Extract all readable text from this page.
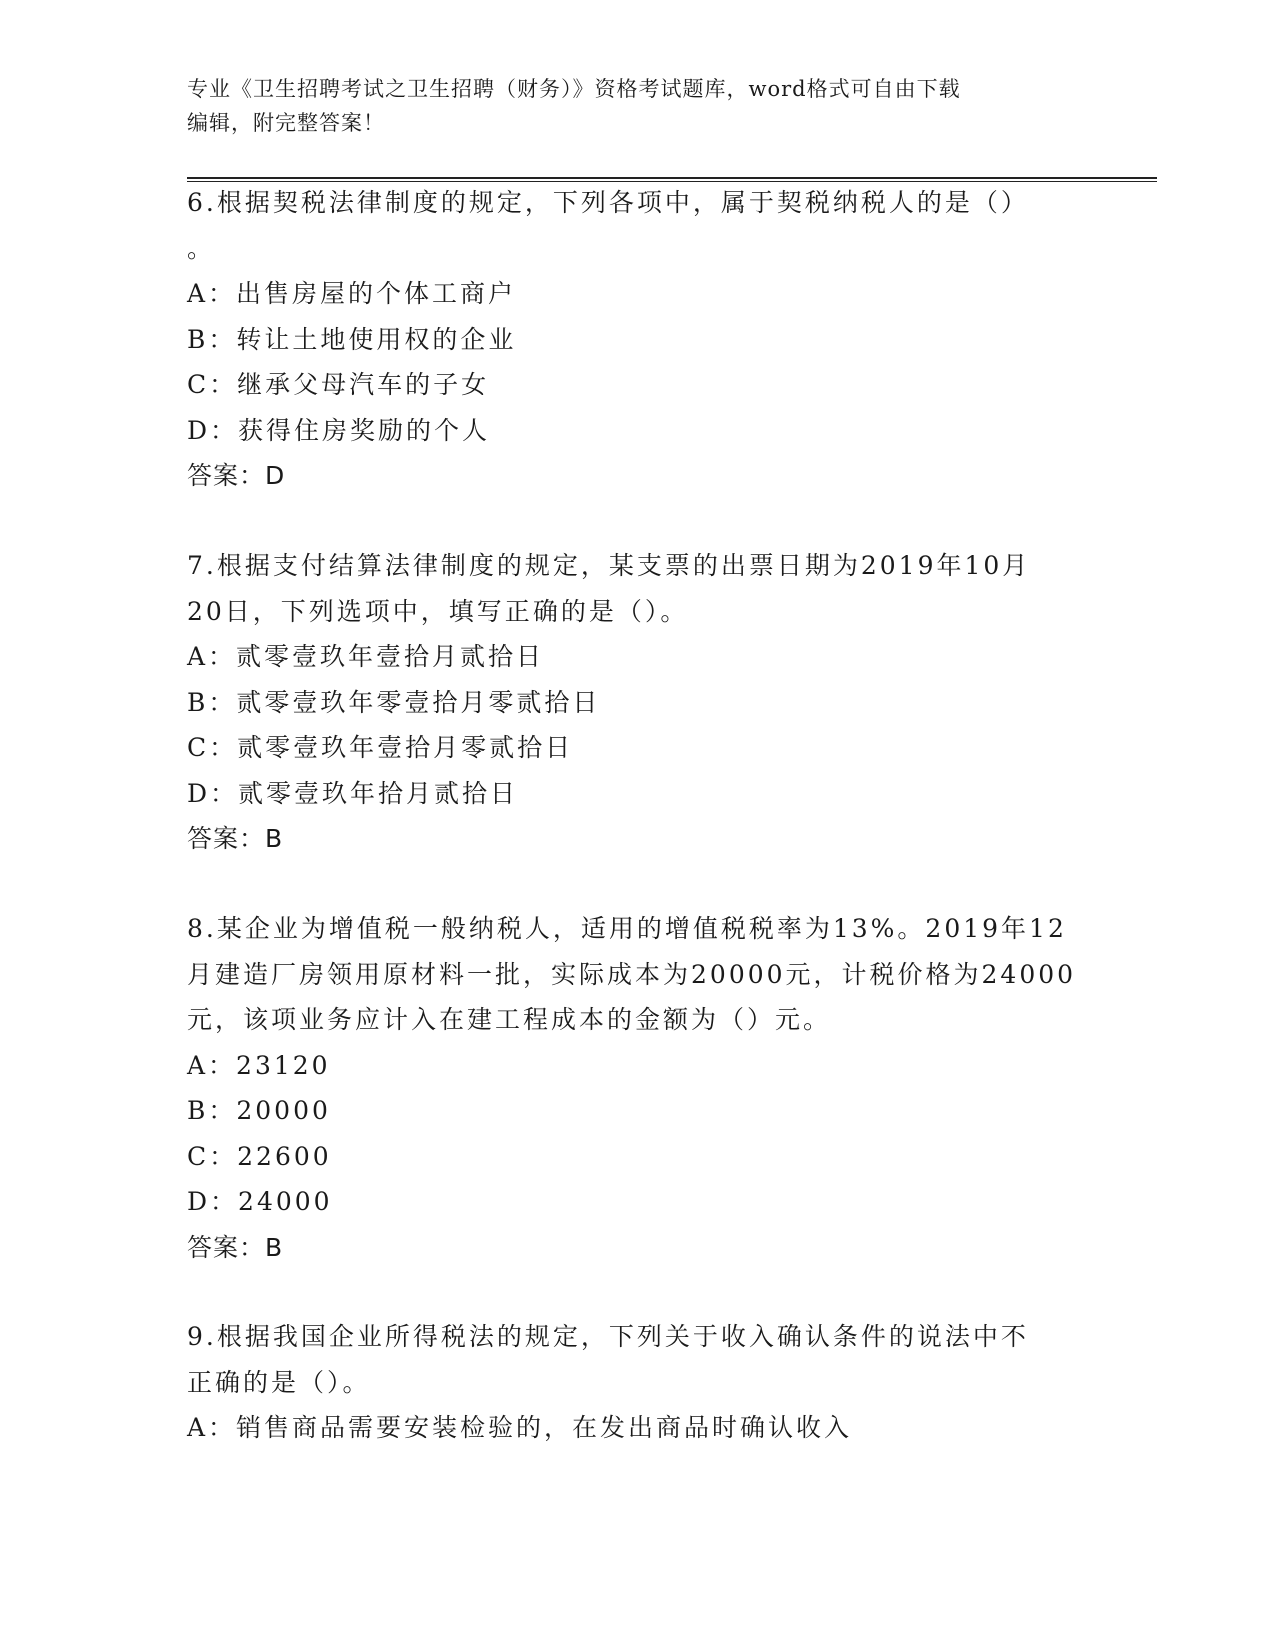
专业《卫生招聘考试之卫生招聘（财务）》资格考试题库，word格式可自由下载
编辑，附完整答案！
6.根据契税法律制度的规定，下列各项中，属于契税纳税人的是（）
。
A：出售房屋的个体工商户
B：转让土地使用权的企业
C：继承父母汽车的子女
D：获得住房奖励的个人
答案：D
7.根据支付结算法律制度的规定，某支票的出票日期为2019年10月
20日，下列选项中，填写正确的是（）。
A：贰零壹玖年壹拾月贰拾日
B：贰零壹玖年零壹拾月零贰拾日
C：贰零壹玖年壹拾月零贰拾日
D：贰零壹玖年拾月贰拾日
答案：B
8.某企业为增值税一般纳税人，适用的增值税税率为13%。2019年12
月建造厂房领用原材料一批，实际成本为20000元，计税价格为24000
元，该项业务应计入在建工程成本的金额为（）元。
A：23120
B：20000
C：22600
D：24000
答案：B
9.根据我国企业所得税法的规定，下列关于收入确认条件的说法中不
正确的是（）。
A：销售商品需要安装检验的，在发出商品时确认收入
